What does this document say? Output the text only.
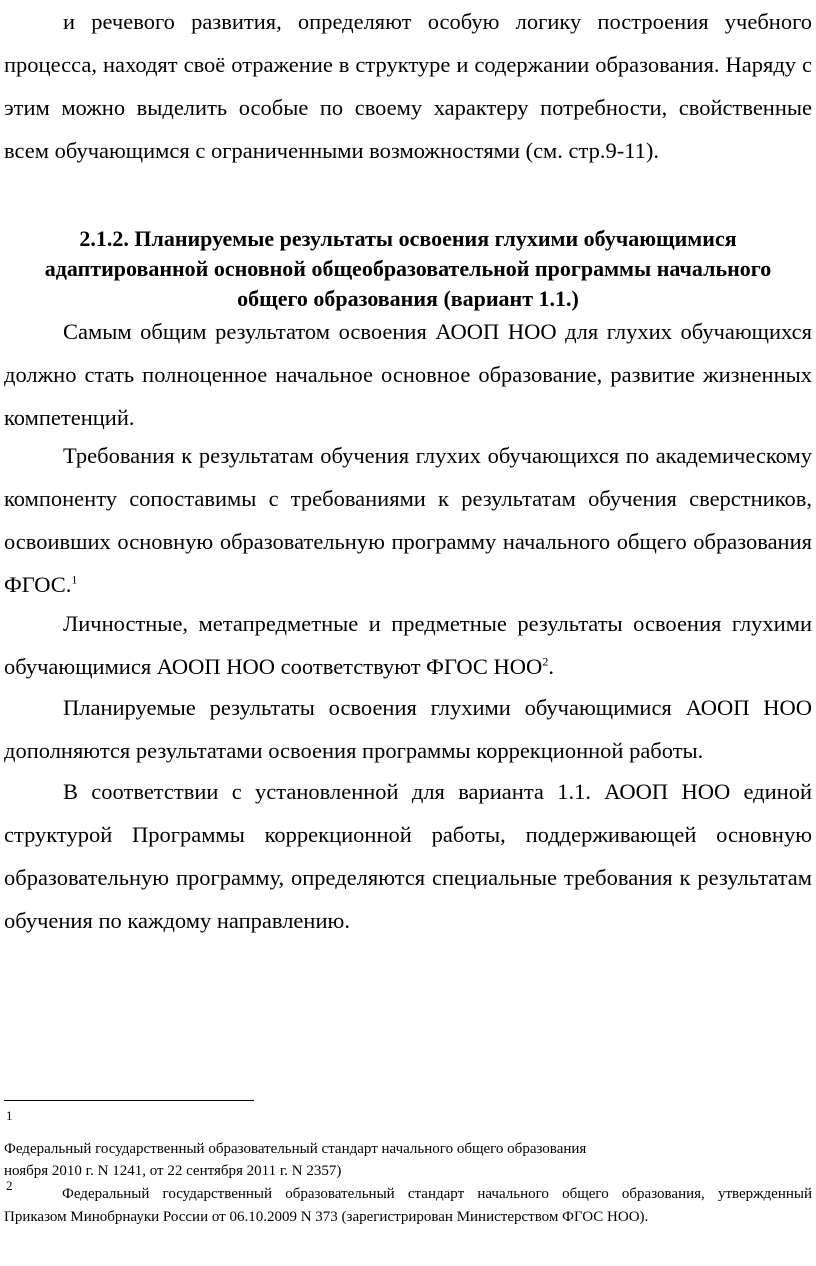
и речевого развития, определяют особую логику построения учебного процесса, находят своё отражение в структуре и содержании образования. Наряду с этим можно выделить особые по своему характеру потребности, свойственные всем обучающимся с ограниченными возможностями (см. стр.9-11).

2.1.2. Планируемые результаты освоения глухими обучающимися адаптированной основной общеобразовательной программы начального общего образования (вариант 1.1.)

Самым общим результатом освоения АООП НОО для глухих обучающихся должно стать полноценное начальное основное образование, развитие жизненных компетенций.

Требования к результатам обучения глухих обучающихся по академическому компоненту сопоставимы с требованиями к результатам обучения сверстников, освоивших основную образовательную программу начального общего образования ФГОС.$^1$

Личностные, метапредметные и предметные результаты освоения глухими обучающимися АООП НОО соответствуют ФГОС НОО$^2$.

Планируемые результаты освоения глухими обучающимися АООП НОО дополняются результатами освоения программы коррекционной работы.

В соответствии с установленной для варианта 1.1. АООП НОО единой структурой Программы коррекционной работы, поддерживающей основную образовательную программу, определяются специальные требования к результатам обучения по каждому направлению.

1

Федеральный государственный образовательный стандарт начального общего образования

ноября 2010 г. N 1241, от 22 сентября 2011 г. N 2357)

2

Федеральный государственный образовательный стандарт начального общего образования, утвержденный Приказом Минобрнауки России от 06.10.2009 N 373 (зарегистрирован Министерством ФГОС НОО).
